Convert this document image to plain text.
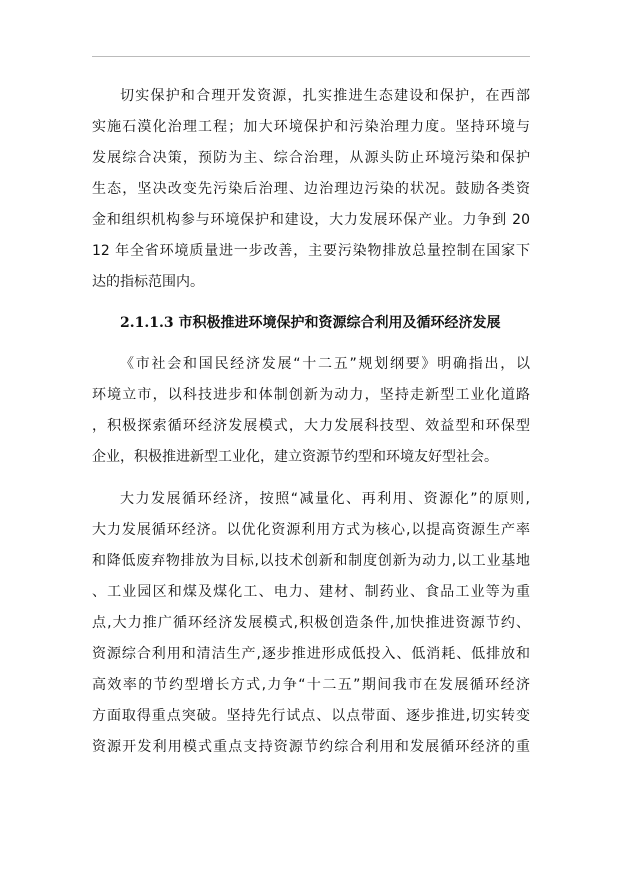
切实保护和合理开发资源，扎实推进生态建设和保护，在西部
实施石漠化治理工程；加大环境保护和污染治理力度。坚持环境与
发展综合决策，预防为主、综合治理，从源头防止环境污染和保护
生态，坚决改变先污染后治理、边治理边污染的状况。鼓励各类资
金和组织机构参与环境保护和建设，大力发展环保产业。力争到 20
12 年全省环境质量进一步改善，主要污染物排放总量控制在国家下
达的指标范围内。
2.1.1.3 市积极推进环境保护和资源综合利用及循环经济发展
《市社会和国民经济发展“十二五”规划纲要》明确指出，以
环境立市，以科技进步和体制创新为动力，坚持走新型工业化道路
，积极探索循环经济发展模式，大力发展科技型、效益型和环保型
企业，积极推进新型工业化，建立资源节约型和环境友好型社会。
大力发展循环经济，按照“减量化、再利用、资源化”的原则,
大力发展循环经济。以优化资源利用方式为核心,以提高资源生产率
和降低废弃物排放为目标,以技术创新和制度创新为动力,以工业基地
、工业园区和煤及煤化工、电力、建材、制药业、食品工业等为重
点,大力推广循环经济发展模式,积极创造条件,加快推进资源节约、
资源综合利用和清洁生产,逐步推进形成低投入、低消耗、低排放和
高效率的节约型增长方式,力争“十二五”期间我市在发展循环经济
方面取得重点突破。坚持先行试点、以点带面、逐步推进,切实转变
资源开发利用模式重点支持资源节约综合利用和发展循环经济的重
